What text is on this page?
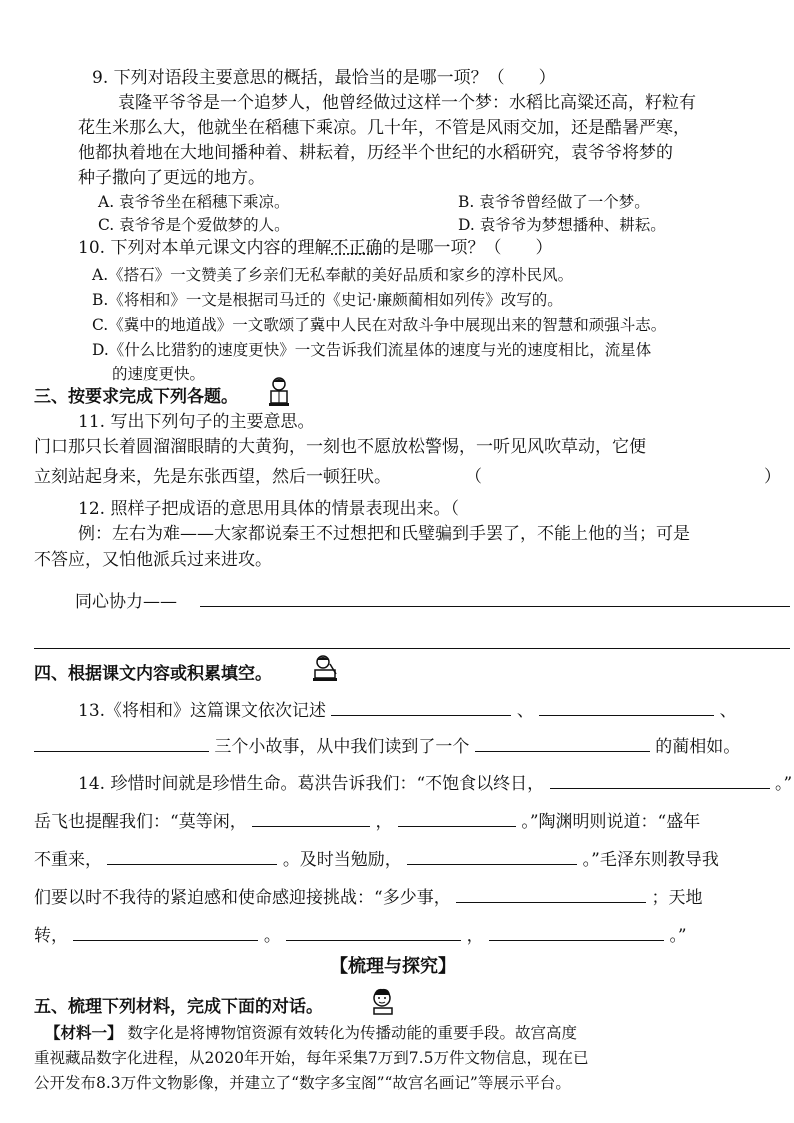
9. 下列对语段主要意思的概括，最恰当的是哪一项？（　　）
袁隆平爷爷是一个追梦人，他曾经做过这样一个梦：水稻比高粱还高，籽粒有
花生米那么大，他就坐在稻穗下乘凉。几十年，不管是风雨交加，还是酷暑严寒，
他都执着地在大地间播种着、耕耘着，历经半个世纪的水稻研究，袁爷爷将梦的
种子撒向了更远的地方。
A. 袁爷爷坐在稻穗下乘凉。	B. 袁爷爷曾经做了一个梦。
C. 袁爷爷是个爱做梦的人。	D. 袁爷爷为梦想播种、耕耘。
10. 下列对本单元课文内容的理解不正确的是哪一项？（　　）
A.《搭石》一文赞美了乡亲们无私奉献的美好品质和家乡的淳朴民风。
B.《将相和》一文是根据司马迁的《史记·廉颇蔺相如列传》改写的。
C.《冀中的地道战》一文歌颂了冀中人民在对敌斗争中展现出来的智慧和顽强斗志。
D.《什么比猎豹的速度更快》一文告诉我们流星体的速度与光的速度相比，流星体
的速度更快。
三、按要求完成下列各题。
11. 写出下列句子的主要意思。
门口那只长着圆溜溜眼睛的大黄狗，一刻也不愿放松警惕，一听见风吹草动，它便
立刻站起身来，先是东张西望，然后一顿狂吠。	（	）
12. 照样子把成语的意思用具体的情景表现出来。（
例：左右为难——大家都说秦王不过想把和氏璧骗到手罢了，不能上他的当；可是
不答应，又怕他派兵过来进攻。
同心协力——
四、根据课文内容或积累填空。
13.《将相和》这篇课文依次记述	、	、
三个小故事，从中我们读到了一个	的蔺相如。
14. 珍惜时间就是珍惜生命。葛洪告诉我们：“不饱食以终日，	。”
岳飞也提醒我们：“莫等闲，	，	。”陶渊明则说道：“盛年
不重来，	。及时当勉励，	。”毛泽东则教导我
们要以时不我待的紧迫感和使命感迎接挑战：“多少事，	；天地
转，	。	，	。”
【梳理与探究】
五、梳理下列材料，完成下面的对话。
【材料一】 数字化是将博物馆资源有效转化为传播动能的重要手段。故宫高度
重视藏品数字化进程，从2020年开始，每年采集7万到7.5万件文物信息，现在已
公开发布8.3万件文物影像，并建立了“数字多宝阁”“故宫名画记”等展示平台。
